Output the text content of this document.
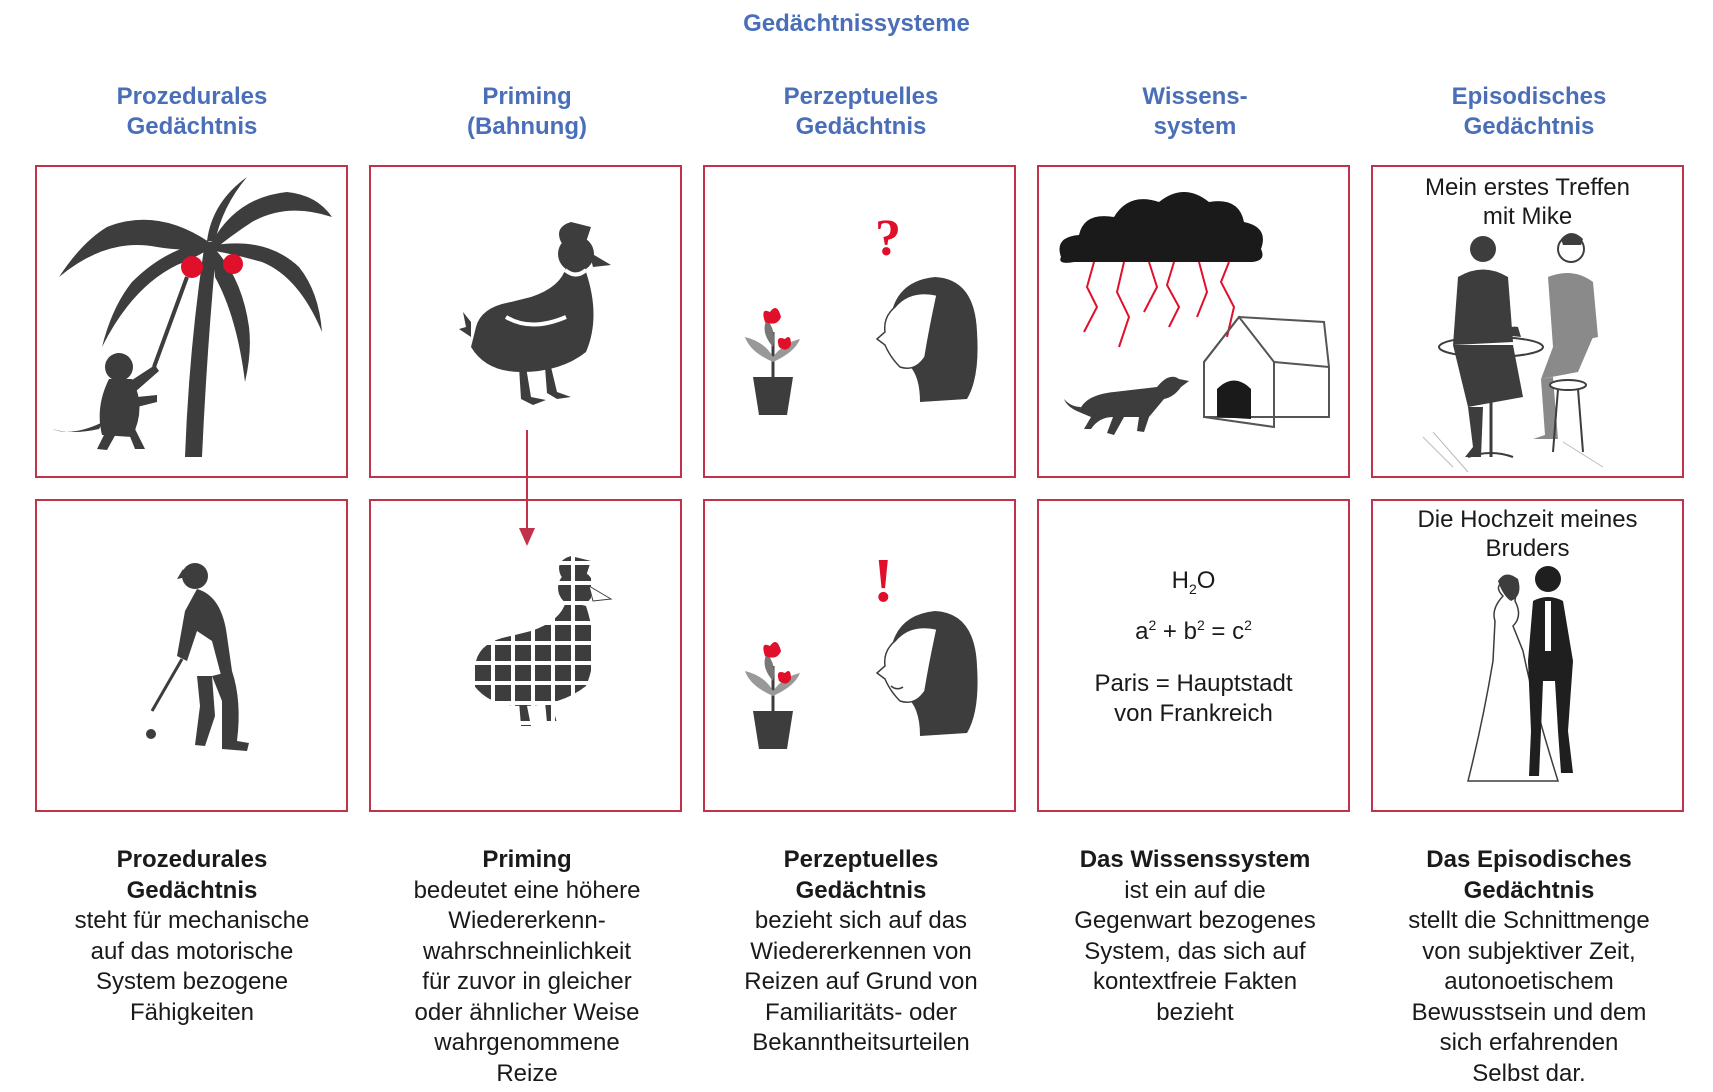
Gedächtnissysteme
Prozedurales
Gedächtnis
Priming
(Bahnung)
Perzeptuelles
Gedächtnis
Wissens-
system
Episodisches
Gedächtnis
?
Mein erstes Treffen
mit Mike
!	$H_2O$
$a^2 + b^2 = c^2$
Paris = Hauptstadt
von Frankreich
Die Hochzeit meines
Bruders
Prozedurales
Gedächtnis
steht für mechanische
auf das motorische
System bezogene
Fähigkeiten
Priming
bedeutet eine höhere
Wiedererkenn-
wahrschneinlichkeit
für zuvor in gleicher
oder ähnlicher Weise
wahrgenommene
Reize
Perzeptuelles
Gedächtnis
bezieht sich auf das
Wiedererkennen von
Reizen auf Grund von
Familiaritäts- oder
Bekanntheitsurteilen
Das Wissenssystem
ist ein auf die
Gegenwart bezogenes
System, das sich auf
kontextfreie Fakten
bezieht
Das Episodisches
Gedächtnis
stellt die Schnittmenge
von subjektiver Zeit,
autonoetischem
Bewusstsein und dem
sich erfahrenden
Selbst dar.
